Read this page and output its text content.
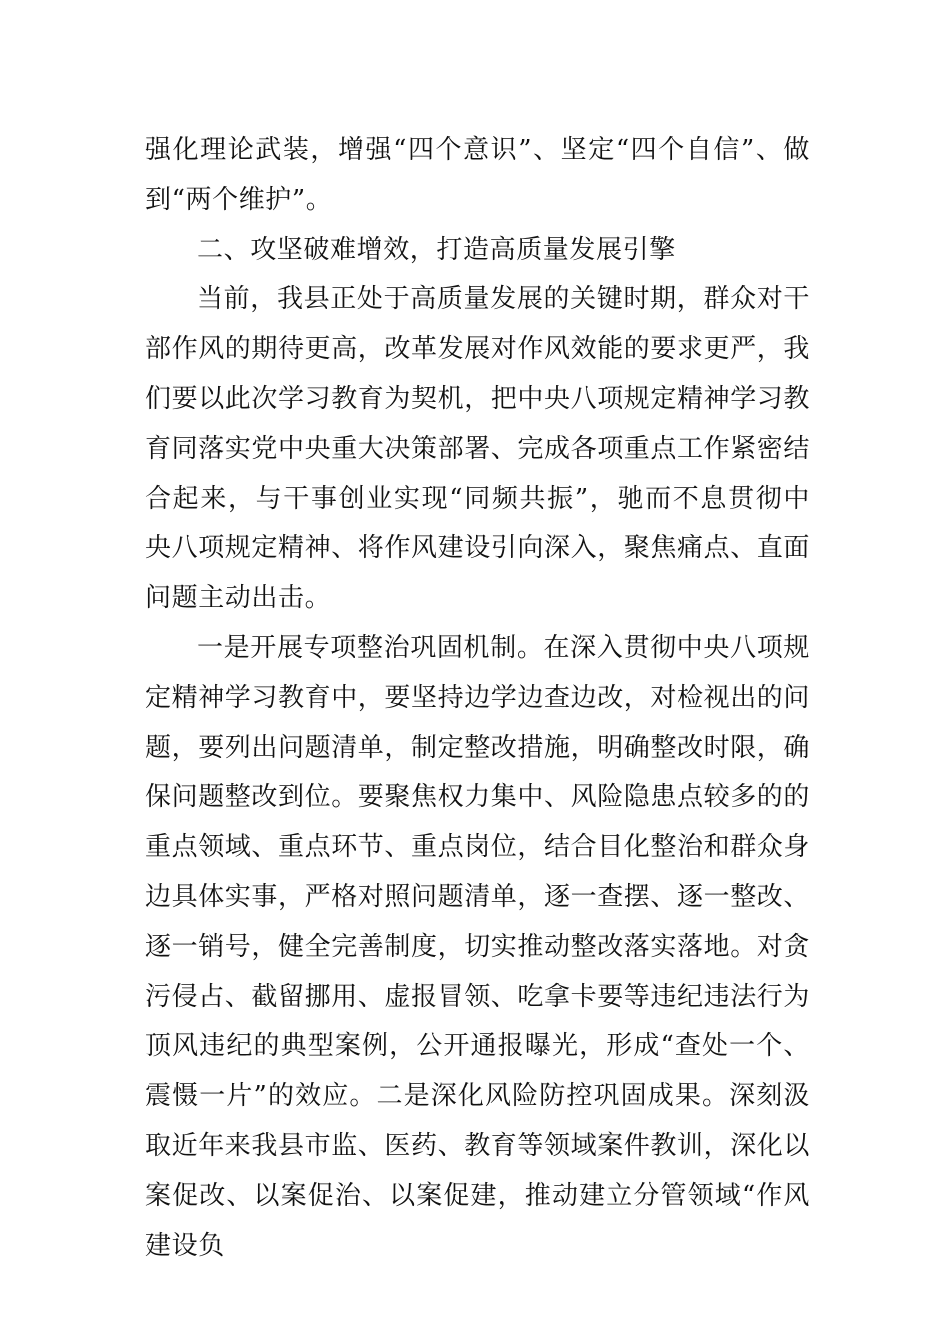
强化理论武装，增强“四个意识”、坚定“四个自信”、做到“两个维护”。

二、攻坚破难增效，打造高质量发展引擎

当前，我县正处于高质量发展的关键时期，群众对干部作风的期待更高，改革发展对作风效能的要求更严，我们要以此次学习教育为契机，把中央八项规定精神学习教育同落实党中央重大决策部署、完成各项重点工作紧密结合起来，与干事创业实现“同频共振”，驰而不息贯彻中央八项规定精神、将作风建设引向深入，聚焦痛点、直面问题主动出击。

一是开展专项整治巩固机制。在深入贯彻中央八项规定精神学习教育中，要坚持边学边查边改，对检视出的问题，要列出问题清单，制定整改措施，明确整改时限，确保问题整改到位。要聚焦权力集中、风险隐患点较多的的重点领域、重点环节、重点岗位，结合目化整治和群众身边具体实事，严格对照问题清单，逐一查摆、逐一整改、逐一销号，健全完善制度，切实推动整改落实落地。对贪污侵占、截留挪用、虚报冒领、吃拿卡要等违纪违法行为顶风违纪的典型案例，公开通报曝光，形成“查处一个、震慑一片”的效应。二是深化风险防控巩固成果。深刻汲取近年来我县市监、医药、教育等领域案件教训，深化以案促改、以案促治、以案促建，推动建立分管领域“作风建设负
